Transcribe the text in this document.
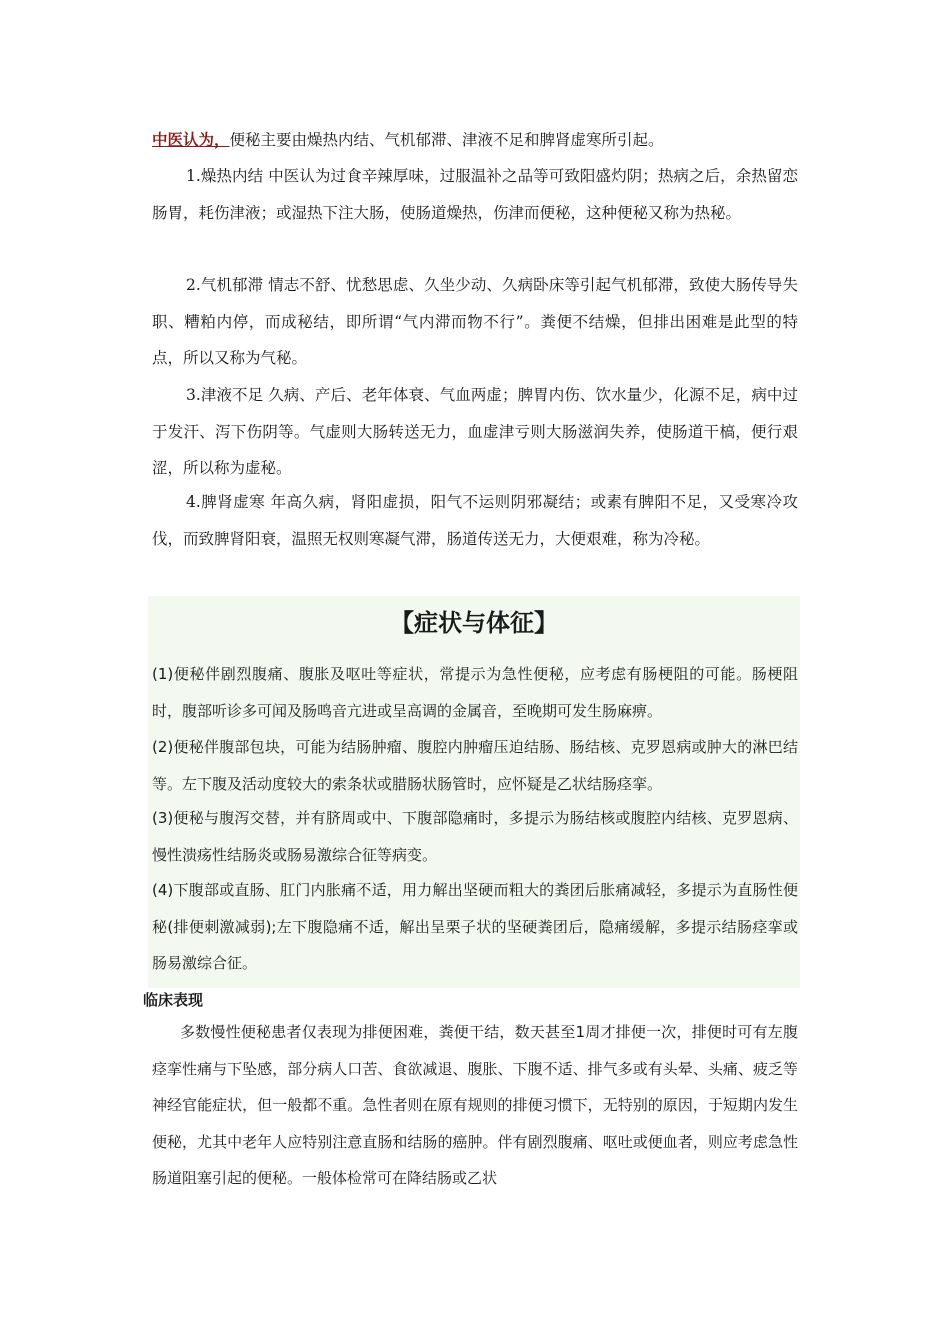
中医认为，便秘主要由燥热内结、气机郁滞、津液不足和脾肾虚寒所引起。

1.燥热内结 中医认为过食辛辣厚味，过服温补之品等可致阳盛灼阴；热病之后，余热留恋肠胃，耗伤津液；或湿热下注大肠，使肠道燥热，伤津而便秘，这种便秘又称为热秘。

2.气机郁滞 情志不舒、忧愁思虑、久坐少动、久病卧床等引起气机郁滞，致使大肠传导失职、糟粕内停，而成秘结，即所谓“气内滞而物不行”。粪便不结燥，但排出困难是此型的特点，所以又称为气秘。

3.津液不足 久病、产后、老年体衰、气血两虚；脾胃内伤、饮水量少，化源不足，病中过于发汗、泻下伤阴等。气虚则大肠转送无力，血虚津亏则大肠滋润失养，使肠道干槁，便行艰涩，所以称为虚秘。

4.脾肾虚寒 年高久病，肾阳虚损，阳气不运则阴邪凝结；或素有脾阳不足，又受寒冷攻伐，而致脾肾阳衰，温照无权则寒凝气滞，肠道传送无力，大便艰难，称为冷秘。

【症状与体征】

(1)便秘伴剧烈腹痛、腹胀及呕吐等症状，常提示为急性便秘，应考虑有肠梗阻的可能。肠梗阻时，腹部听诊多可闻及肠鸣音亢进或呈高调的金属音，至晚期可发生肠麻痹。

(2)便秘伴腹部包块，可能为结肠肿瘤、腹腔内肿瘤压迫结肠、肠结核、克罗恩病或肿大的淋巴结等。左下腹及活动度较大的索条状或腊肠状肠管时，应怀疑是乙状结肠痉挛。

(3)便秘与腹泻交替，并有脐周或中、下腹部隐痛时，多提示为肠结核或腹腔内结核、克罗恩病、慢性溃疡性结肠炎或肠易激综合征等病变。

(4)下腹部或直肠、肛门内胀痛不适，用力解出坚硬而粗大的粪团后胀痛减轻，多提示为直肠性便秘(排便刺激减弱);左下腹隐痛不适，解出呈栗子状的坚硬粪团后，隐痛缓解，多提示结肠痉挛或肠易激综合征。

临床表现

多数慢性便秘患者仅表现为排便困难，粪便干结，数天甚至1周才排便一次，排便时可有左腹痉挛性痛与下坠感，部分病人口苦、食欲减退、腹胀、下腹不适、排气多或有头晕、头痛、疲乏等神经官能症状，但一般都不重。急性者则在原有规则的排便习惯下，无特别的原因，于短期内发生便秘，尤其中老年人应特别注意直肠和结肠的癌肿。伴有剧烈腹痛、呕吐或便血者，则应考虑急性肠道阻塞引起的便秘。一般体检常可在降结肠或乙状
